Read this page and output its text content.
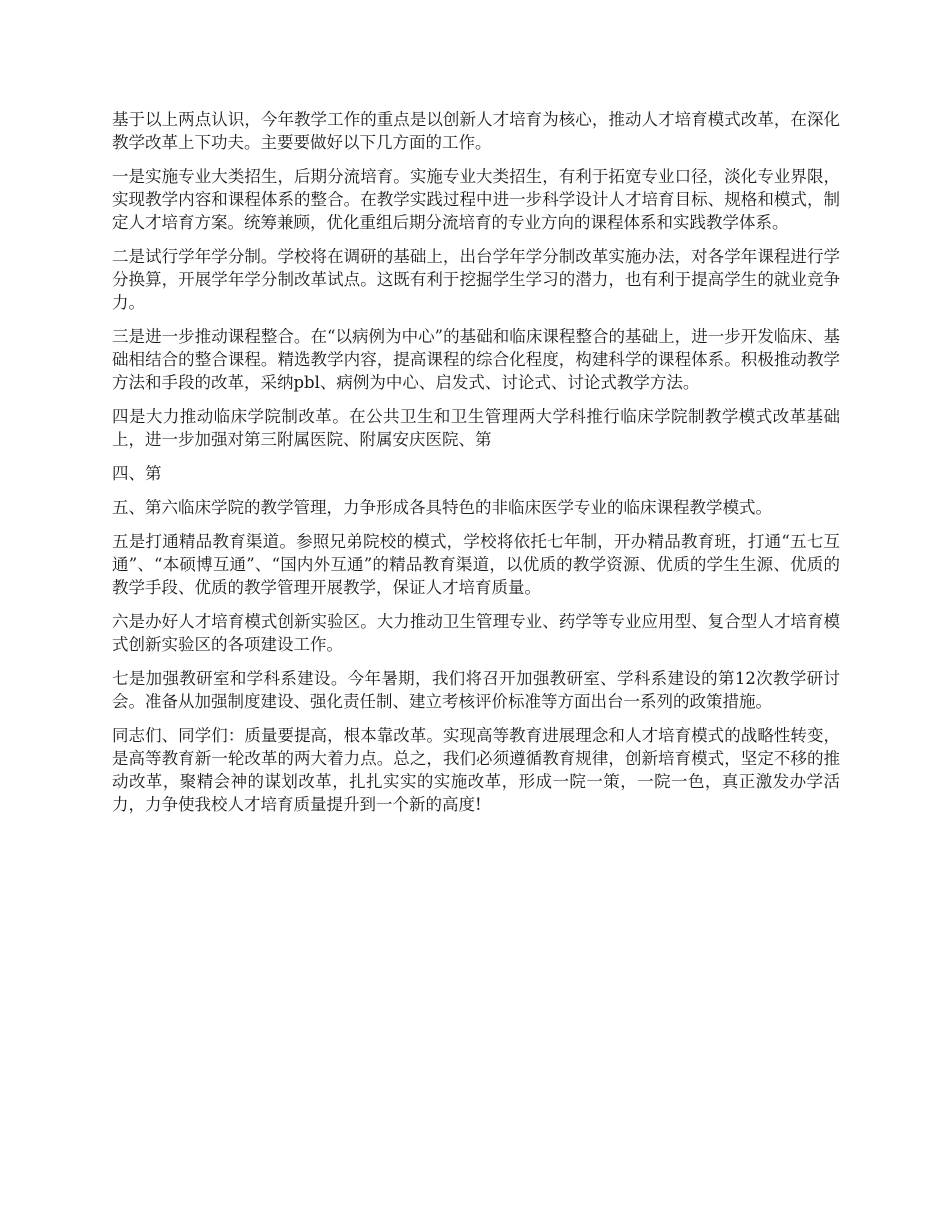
基于以上两点认识，今年教学工作的重点是以创新人才培育为核心，推动人才培育模式改革，在深化教学改革上下功夫。主要要做好以下几方面的工作。

一是实施专业大类招生，后期分流培育。实施专业大类招生，有利于拓宽专业口径，淡化专业界限，实现教学内容和课程体系的整合。在教学实践过程中进一步科学设计人才培育目标、规格和模式，制定人才培育方案。统筹兼顾，优化重组后期分流培育的专业方向的课程体系和实践教学体系。

二是试行学年学分制。学校将在调研的基础上，出台学年学分制改革实施办法，对各学年课程进行学分换算，开展学年学分制改革试点。这既有利于挖掘学生学习的潜力，也有利于提高学生的就业竞争力。

三是进一步推动课程整合。在“以病例为中心”的基础和临床课程整合的基础上，进一步开发临床、基础相结合的整合课程。精选教学内容，提高课程的综合化程度，构建科学的课程体系。积极推动教学方法和手段的改革，采纳pbl、病例为中心、启发式、讨论式、讨论式教学方法。

四是大力推动临床学院制改革。在公共卫生和卫生管理两大学科推行临床学院制教学模式改革基础上，进一步加强对第三附属医院、附属安庆医院、第

四、第

五、第六临床学院的教学管理，力争形成各具特色的非临床医学专业的临床课程教学模式。

五是打通精品教育渠道。参照兄弟院校的模式，学校将依托七年制，开办精品教育班，打通“五七互通”、“本硕博互通”、“国内外互通”的精品教育渠道，以优质的教学资源、优质的学生生源、优质的教学手段、优质的教学管理开展教学，保证人才培育质量。

六是办好人才培育模式创新实验区。大力推动卫生管理专业、药学等专业应用型、复合型人才培育模式创新实验区的各项建设工作。

七是加强教研室和学科系建设。今年暑期，我们将召开加强教研室、学科系建设的第12次教学研讨会。准备从加强制度建设、强化责任制、建立考核评价标准等方面出台一系列的政策措施。

同志们、同学们：质量要提高，根本靠改革。实现高等教育进展理念和人才培育模式的战略性转变，是高等教育新一轮改革的两大着力点。总之，我们必须遵循教育规律，创新培育模式，坚定不移的推动改革，聚精会神的谋划改革，扎扎实实的实施改革，形成一院一策，一院一色，真正激发办学活力，力争使我校人才培育质量提升到一个新的高度!
